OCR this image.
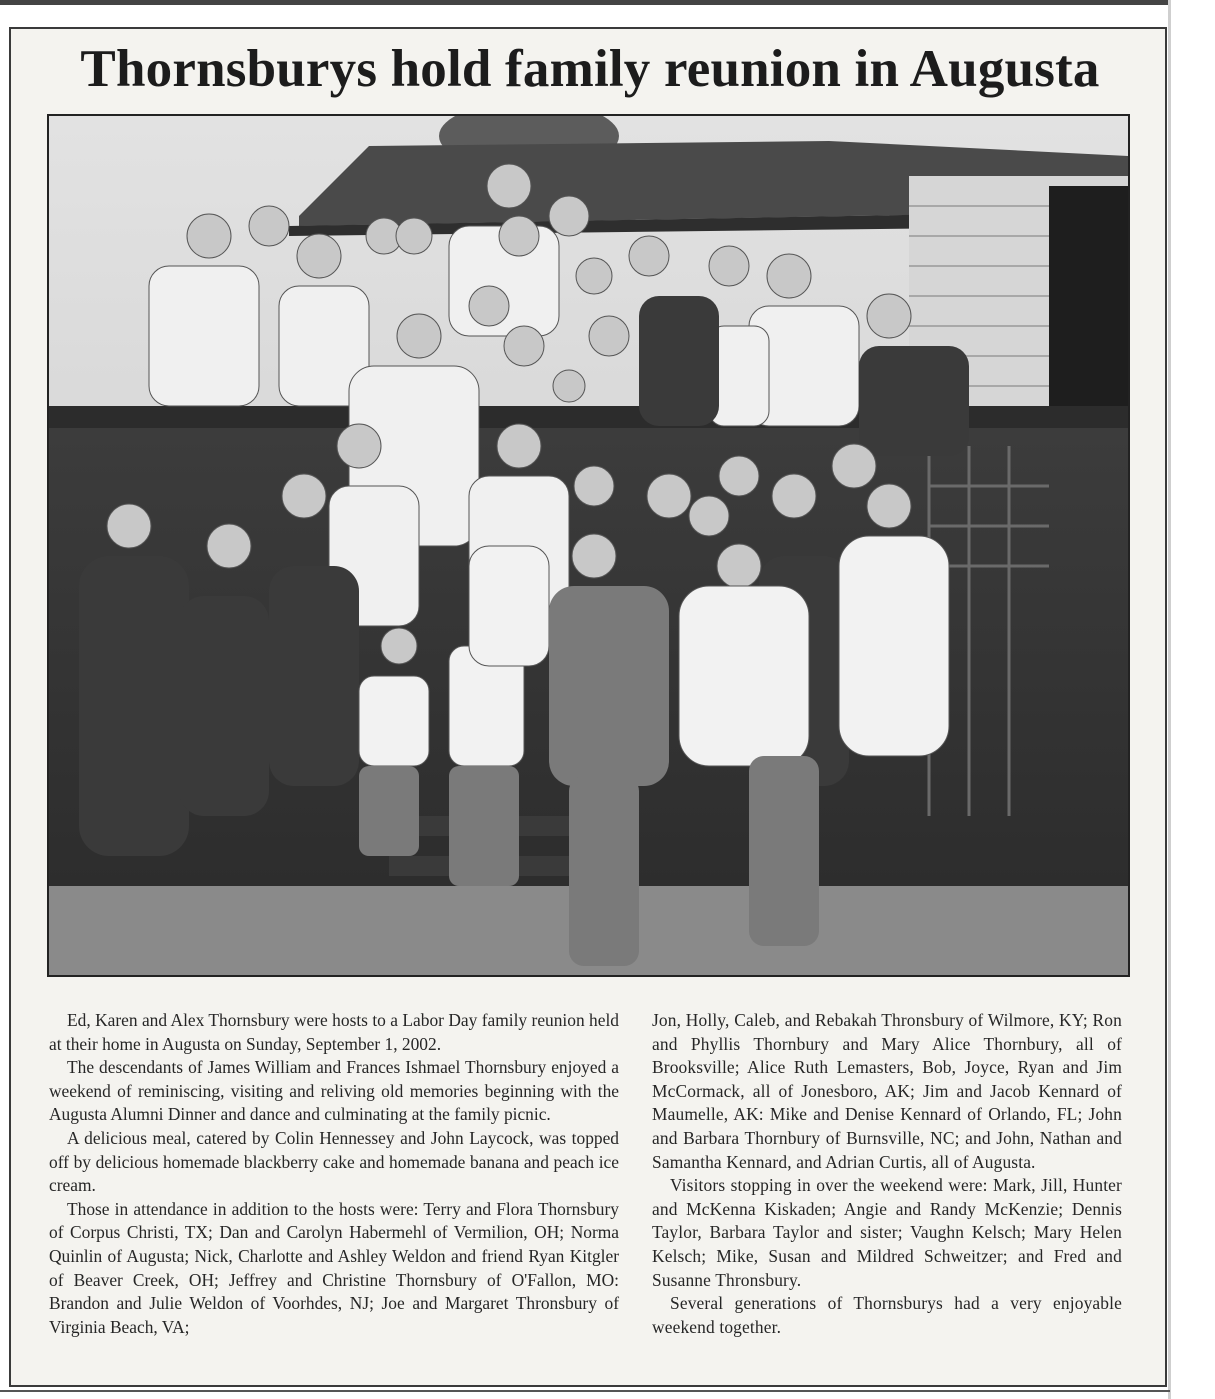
Thornsburys hold family reunion in Augusta

Ed, Karen and Alex Thornsbury were hosts to a Labor Day family reunion held at their home in Augusta on Sunday, September 1, 2002.

The descendants of James William and Frances Ishmael Thornsbury enjoyed a weekend of reminiscing, visiting and reliving old memories beginning with the Augusta Alumni Dinner and dance and culminating at the family picnic.

A delicious meal, catered by Colin Hennessey and John Laycock, was topped off by delicious homemade blackberry cake and homemade banana and peach ice cream.

Those in attendance in addition to the hosts were: Terry and Flora Thornsbury of Corpus Christi, TX; Dan and Carolyn Habermehl of Vermilion, OH; Norma Quinlin of Augusta; Nick, Charlotte and Ashley Weldon and friend Ryan Kitgler of Beaver Creek, OH; Jeffrey and Christine Thornsbury of O'Fallon, MO: Brandon and Julie Weldon of Voorhdes, NJ; Joe and Margaret Thronsbury of Virginia Beach, VA;

Jon, Holly, Caleb, and Rebakah Thronsbury of Wilmore, KY; Ron and Phyllis Thornbury and Mary Alice Thornbury, all of Brooksville; Alice Ruth Lemasters, Bob, Joyce, Ryan and Jim McCormack, all of Jonesboro, AK; Jim and Jacob Kennard of Maumelle, AK: Mike and Denise Kennard of Orlando, FL; John and Barbara Thornbury of Burnsville, NC; and John, Nathan and Samantha Kennard, and Adrian Curtis, all of Augusta.

Visitors stopping in over the weekend were: Mark, Jill, Hunter and McKenna Kiskaden; Angie and Randy McKenzie; Dennis Taylor, Barbara Taylor and sister; Vaughn Kelsch; Mary Helen Kelsch; Mike, Susan and Mildred Schweitzer; and Fred and Susanne Thronsbury.

Several generations of Thornsburys had a very enjoyable weekend together.
